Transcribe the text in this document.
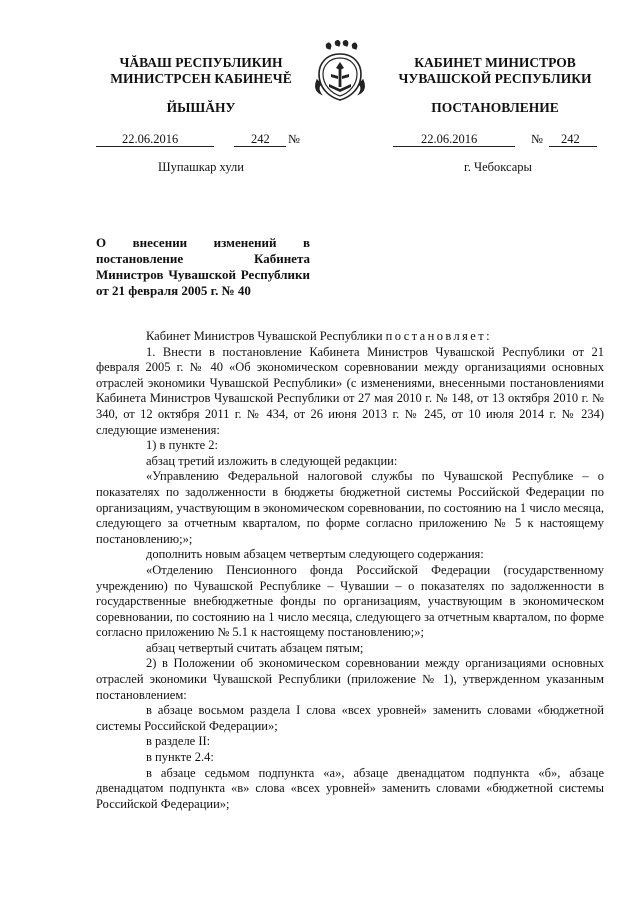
ЧĂВАШ РЕСПУБЛИКИН
МИНИСТРСЕН КАБИНЕЧĚ
ЙЫШĂНУ
КАБИНЕТ МИНИСТРОВ
ЧУВАШСКОЙ РЕСПУБЛИКИ
ПОСТАНОВЛЕНИЕ
22.06.2016	242 №
Шупашкар хули
22.06.2016	№ 242
г. Чебоксары

О внесении изменений в постановление Кабинета Министров Чувашской Республики от 21 февраля 2005 г. № 40

Кабинет Министров Чувашской Республики постановляет:

1. Внести в постановление Кабинета Министров Чувашской Республики от 21 февраля 2005 г. № 40 «Об экономическом соревновании между организациями основных отраслей экономики Чувашской Республики» (с изменениями, внесенными постановлениями Кабинета Министров Чувашской Республики от 27 мая 2010 г. № 148, от 13 октября 2010 г. № 340, от 12 октября 2011 г. № 434, от 26 июня 2013 г. № 245, от 10 июля 2014 г. № 234) следующие изменения:

1) в пункте 2:

абзац третий изложить в следующей редакции:

«Управлению Федеральной налоговой службы по Чувашской Республике – о показателях по задолженности в бюджеты бюджетной системы Российской Федерации по организациям, участвующим в экономическом соревновании, по состоянию на 1 число месяца, следующего за отчетным кварталом, по форме согласно приложению № 5 к настоящему постановлению;»;

дополнить новым абзацем четвертым следующего содержания:

«Отделению Пенсионного фонда Российской Федерации (государственному учреждению) по Чувашской Республике – Чувашии – о показателях по задолженности в государственные внебюджетные фонды по организациям, участвующим в экономическом соревновании, по состоянию на 1 число месяца, следующего за отчетным кварталом, по форме согласно приложению № 5.1 к настоящему постановлению;»;

абзац четвертый считать абзацем пятым;

2) в Положении об экономическом соревновании между организациями основных отраслей экономики Чувашской Республики (приложение № 1), утвержденном указанным постановлением:

в абзаце восьмом раздела I слова «всех уровней» заменить словами «бюджетной системы Российской Федерации»;

в разделе II:

в пункте 2.4:

в абзаце седьмом подпункта «а», абзаце двенадцатом подпункта «б», абзаце двенадцатом подпункта «в» слова «всех уровней» заменить словами «бюджетной системы Российской Федерации»;
